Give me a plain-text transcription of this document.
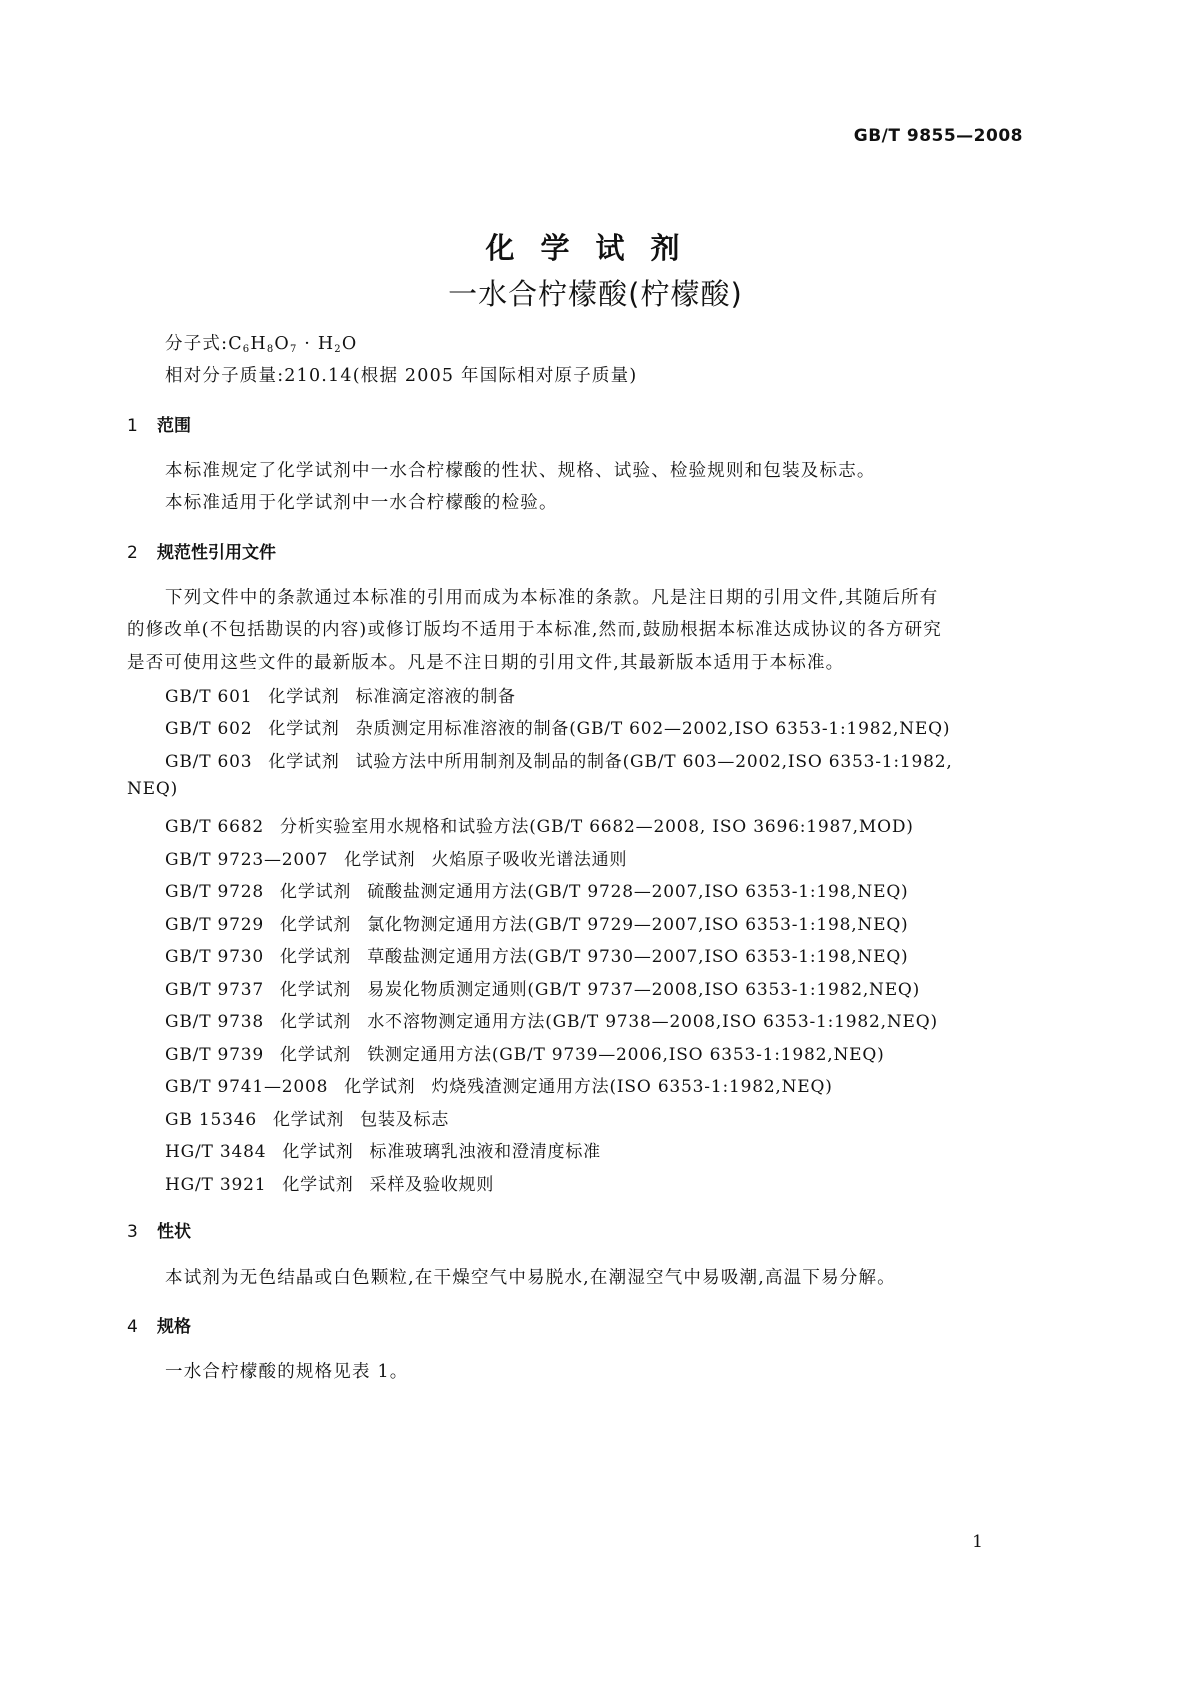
GB/T 9855—2008
化学试剂
一水合柠檬酸(柠檬酸)
分子式$:C_6H_8O_7 \cdot H_2O$
相对分子质量:210.14(根据 2005 年国际相对原子质量)
1 范围
本标准规定了化学试剂中一水合柠檬酸的性状、规格、试验、检验规则和包装及标志。
本标准适用于化学试剂中一水合柠檬酸的检验。
2 规范性引用文件
下列文件中的条款通过本标准的引用而成为本标准的条款。凡是注日期的引用文件,其随后所有
的修改单(不包括勘误的内容)或修订版均不适用于本标准,然而,鼓励根据本标准达成协议的各方研究
是否可使用这些文件的最新版本。凡是不注日期的引用文件,其最新版本适用于本标准。
GB/T 601 化学试剂 标准滴定溶液的制备
GB/T 602 化学试剂 杂质测定用标准溶液的制备(GB/T 602—2002,ISO 6353-1:1982,NEQ)
GB/T 603 化学试剂 试验方法中所用制剂及制品的制备(GB/T 603—2002,ISO 6353-1:1982,
NEQ)
GB/T 6682 分析实验室用水规格和试验方法(GB/T 6682—2008, ISO 3696:1987,MOD)
GB/T 9723—2007 化学试剂 火焰原子吸收光谱法通则
GB/T 9728 化学试剂 硫酸盐测定通用方法(GB/T 9728—2007,ISO 6353-1:198,NEQ)
GB/T 9729 化学试剂 氯化物测定通用方法(GB/T 9729—2007,ISO 6353-1:198,NEQ)
GB/T 9730 化学试剂 草酸盐测定通用方法(GB/T 9730—2007,ISO 6353-1:198,NEQ)
GB/T 9737 化学试剂 易炭化物质测定通则(GB/T 9737—2008,ISO 6353-1:1982,NEQ)
GB/T 9738 化学试剂 水不溶物测定通用方法(GB/T 9738—2008,ISO 6353-1:1982,NEQ)
GB/T 9739 化学试剂 铁测定通用方法(GB/T 9739—2006,ISO 6353-1:1982,NEQ)
GB/T 9741—2008 化学试剂 灼烧残渣测定通用方法(ISO 6353-1:1982,NEQ)
GB 15346 化学试剂 包装及标志
HG/T 3484 化学试剂 标准玻璃乳浊液和澄清度标准
HG/T 3921 化学试剂 采样及验收规则
3 性状
本试剂为无色结晶或白色颗粒,在干燥空气中易脱水,在潮湿空气中易吸潮,高温下易分解。
4 规格
一水合柠檬酸的规格见表 1。
1
